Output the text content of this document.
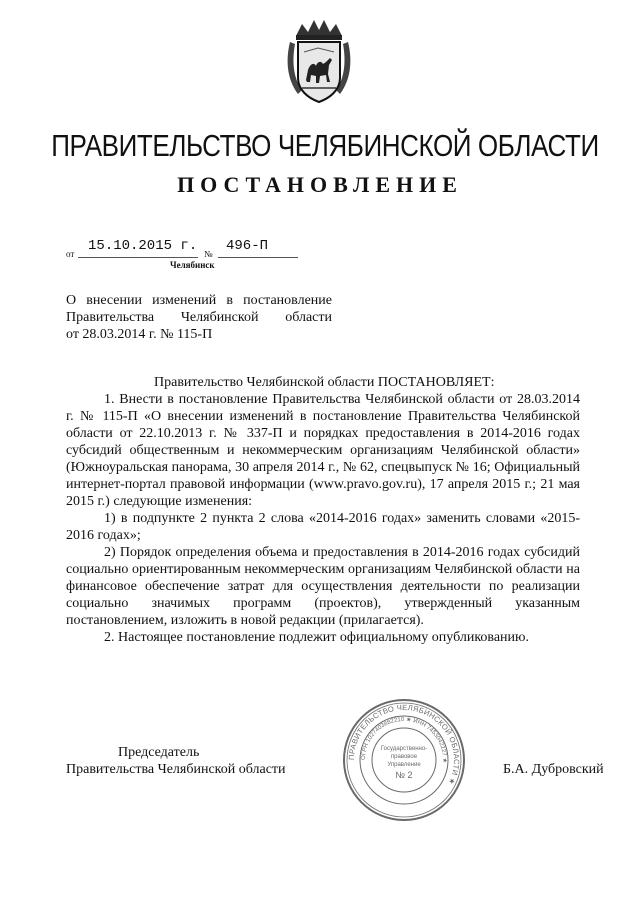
ПРАВИТЕЛЬСТВО ЧЕЛЯБИНСКОЙ ОБЛАСТИ
ПОСТАНОВЛЕНИЕ
от 15.10.2015 г. № 496-П
Челябинск
О внесении изменений в постановление
Правительства Челябинской области
от 28.03.2014 г. № 115-П

Правительство Челябинской области ПОСТАНОВЛЯЕТ:

1. Внести в постановление Правительства Челябинской области от 28.03.2014 г. № 115-П «О внесении изменений в постановление Правительства Челябинской области от 22.10.2013 г. № 337-П и порядках предоставления в 2014-2016 годах субсидий общественным и некоммерческим организациям Челябинской области» (Южноуральская панорама, 30 апреля 2014 г., № 62, спецвыпуск № 16; Официальный интернет-портал правовой информации (www.pravo.gov.ru), 17 апреля 2015 г.; 21 мая 2015 г.) следующие изменения:

1) в подпункте 2 пункта 2 слова «2014-2016 годах» заменить словами «2015-2016 годах»;

2) Порядок определения объема и предоставления в 2014-2016 годах субсидий социально ориентированным некоммерческим организациям Челябинской области на финансовое обеспечение затрат для осуществления деятельности по реализации социально значимых программ (проектов), утвержденный указанным постановлением, изложить в новой редакции (прилагается).

2. Настоящее постановление подлежит официальному опубликованию.

Председатель
Правительства Челябинской области
ПРАВИТЕЛЬСТВО ЧЕЛЯБИНСКОЙ ОБЛАСТИ ★
ОГРН 1027403882210 ★ ИНН 7453042227 ★
Государственно-
правовое
Управление
№ 2	Б.А. Дубровский
